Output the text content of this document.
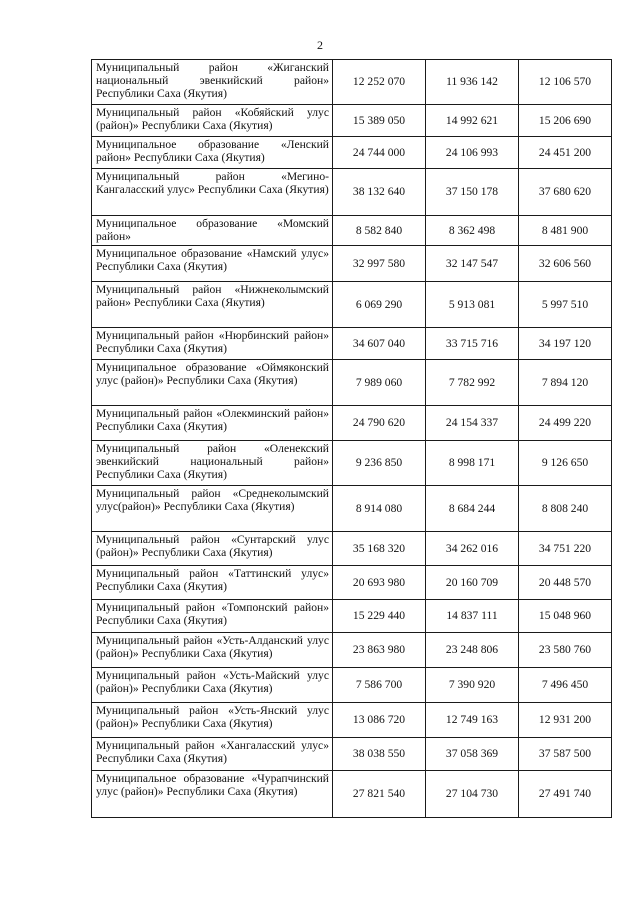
2
Муниципальный район «Жиганский национальный эвенкийский район» Республики Саха (Якутия)	12 252 070	11 936 142	12 106 570
Муниципальный район «Кобяйский улус (район)» Республики Саха (Якутия)	15 389 050	14 992 621	15 206 690
Муниципальное образование «Ленский район» Республики Саха (Якутия)	24 744 000	24 106 993	24 451 200
Муниципальный район «Мегино-Кангаласский улус» Республики Саха (Якутия)	38 132 640	37 150 178	37 680 620
Муниципальное образование «Момский район»	8 582 840	8 362 498	8 481 900
Муниципальное образование «Намский улус» Республики Саха (Якутия)	32 997 580	32 147 547	32 606 560
Муниципальный район «Нижнеколымский район» Республики Саха (Якутия)	6 069 290	5 913 081	5 997 510
Муниципальный район «Нюрбинский район» Республики Саха (Якутия)	34 607 040	33 715 716	34 197 120
Муниципальное образование «Оймяконский улус (район)» Республики Саха (Якутия)	7 989 060	7 782 992	7 894 120
Муниципальный район «Олекминский район» Республики Саха (Якутия)	24 790 620	24 154 337	24 499 220
Муниципальный район «Оленекский эвенкийский национальный район» Республики Саха (Якутия)	9 236 850	8 998 171	9 126 650
Муниципальный район «Среднеколымский улус(район)» Республики Саха (Якутия)	8 914 080	8 684 244	8 808 240
Муниципальный район «Сунтарский улус (район)» Республики Саха (Якутия)	35 168 320	34 262 016	34 751 220
Муниципальный район «Таттинский улус» Республики Саха (Якутия)	20 693 980	20 160 709	20 448 570
Муниципальный район «Томпонский район» Республики Саха (Якутия)	15 229 440	14 837 111	15 048 960
Муниципальный район «Усть-Алданский улус (район)» Республики Саха (Якутия)	23 863 980	23 248 806	23 580 760
Муниципальный район «Усть-Майский улус (район)» Республики Саха (Якутия)	7 586 700	7 390 920	7 496 450
Муниципальный район «Усть-Янский улус (район)» Республики Саха (Якутия)	13 086 720	12 749 163	12 931 200
Муниципальный район «Хангаласский улус» Республики Саха (Якутия)	38 038 550	37 058 369	37 587 500
Муниципальное образование «Чурапчинский улус (район)» Республики Саха (Якутия)	27 821 540	27 104 730	27 491 740
